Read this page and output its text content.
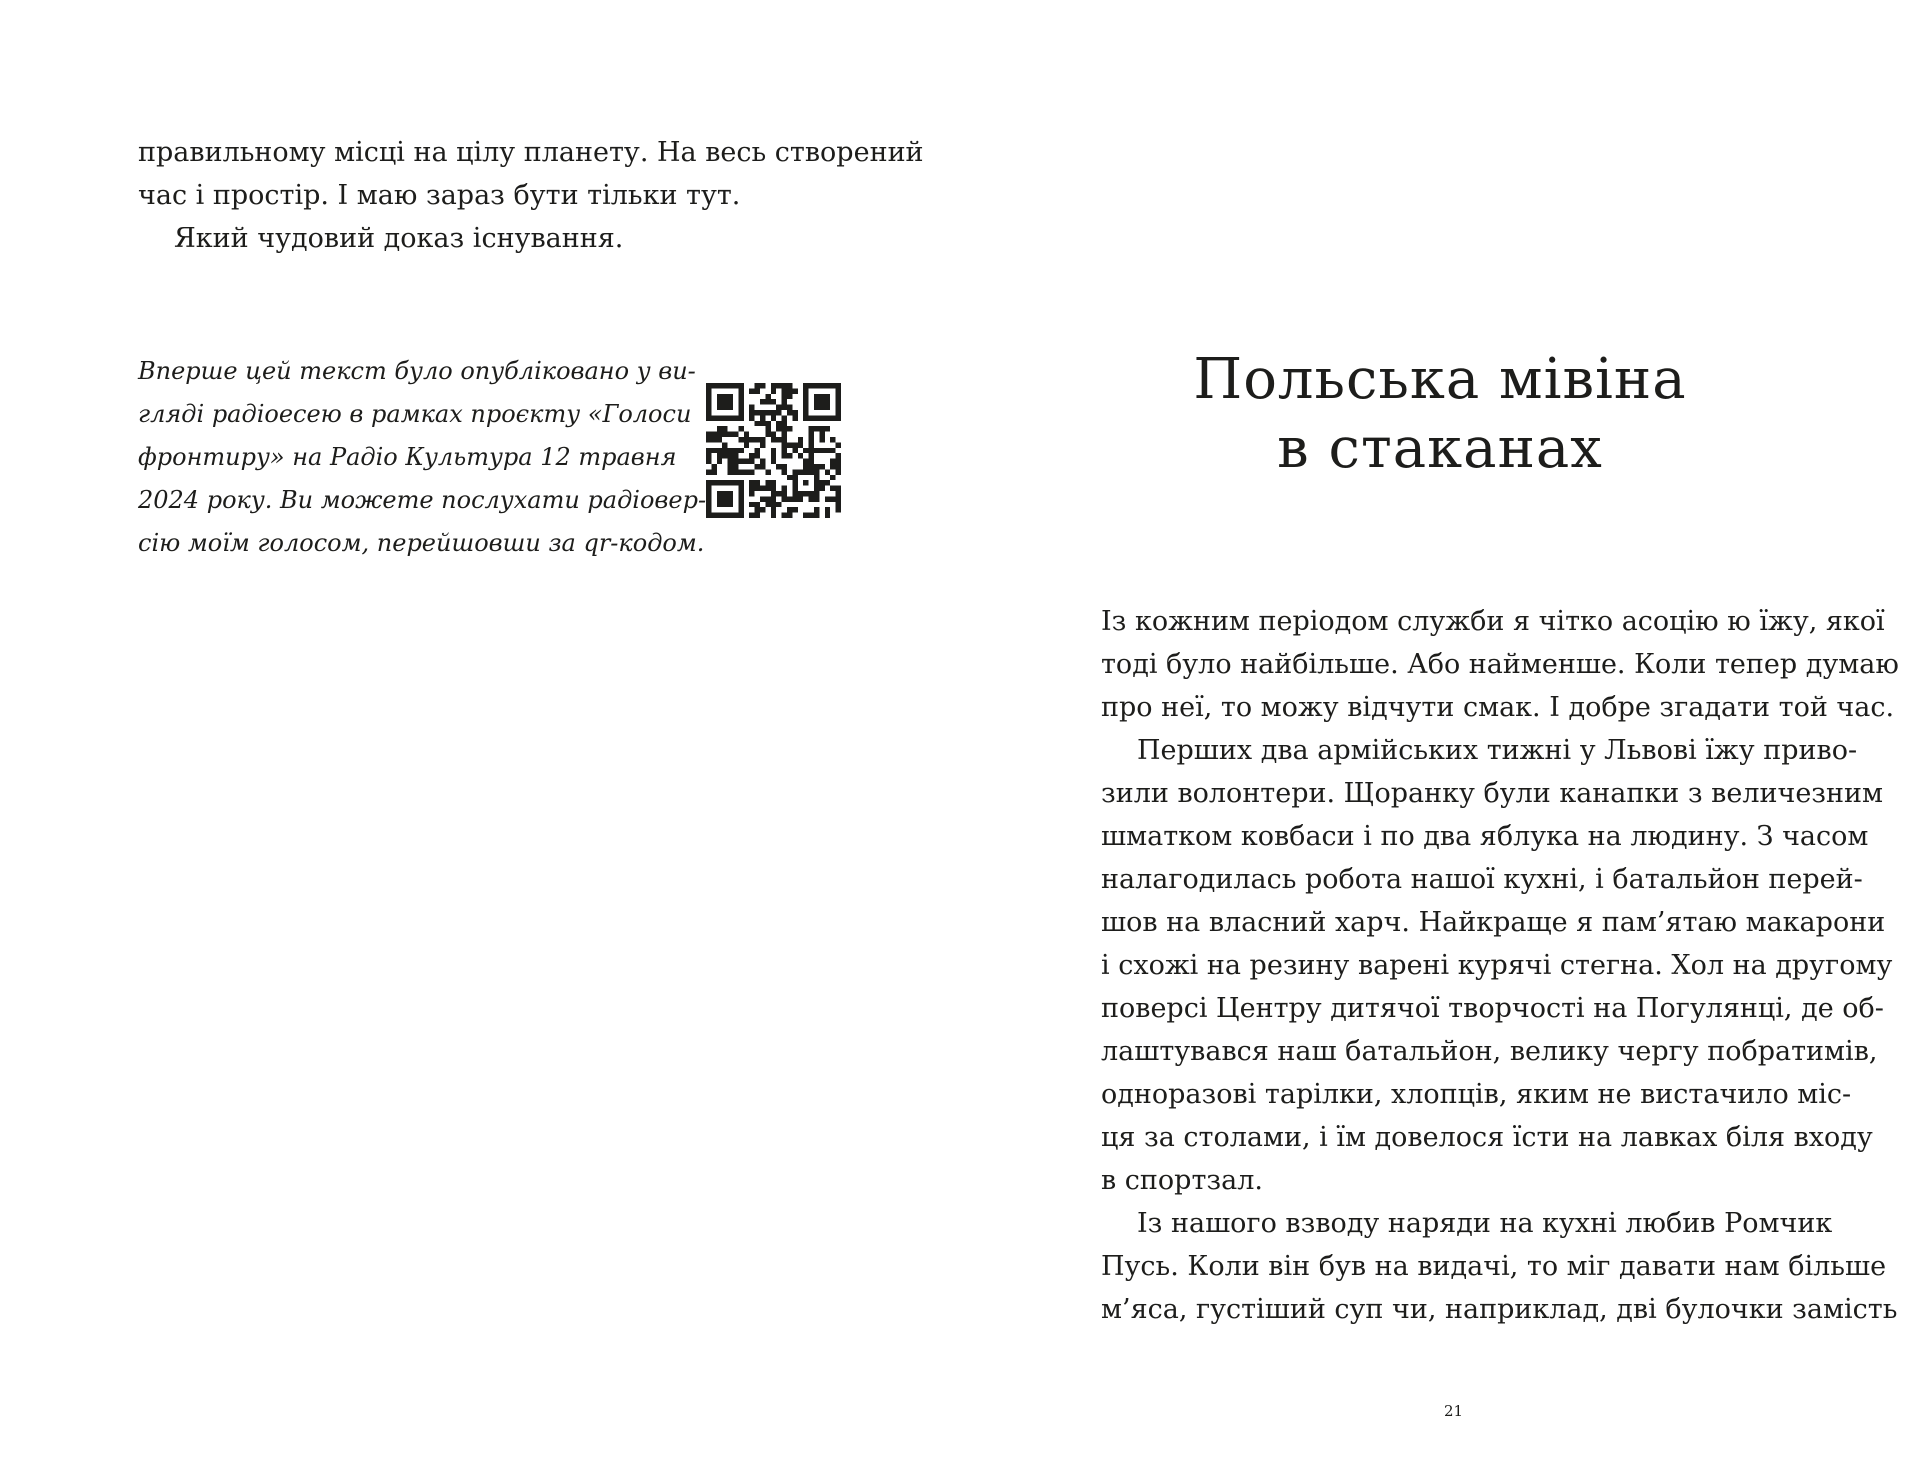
правильному місці на цілу планету. На весь створений
час і простір. І маю зараз бути тільки тут.
Який чудовий доказ існування.
Вперше цей текст було опубліковано у ви-
гляді радіоесею в рамках проєкту «Голоси
фронтиру» на Радіо Культура 12 травня
2024 року. Ви можете послухати радіовер-
сію моїм голосом, перейшовши за qr-кодом.
Польська мівіна
в стаканах
Із кожним періодом служби я чітко асоцію ю їжу, якої
тоді було найбільше. Або найменше. Коли тепер думаю
про неї, то можу відчути смак. І добре згадати той час.
Перших два армійських тижні у Львові їжу приво-
зили волонтери. Щоранку були канапки з величезним
шматком ковбаси і по два яблука на людину. З часом
налагодилась робота нашої кухні, і батальйон перей-
шов на власний харч. Найкраще я пам’ятаю макарони
і схожі на резину варені курячі стегна. Хол на другому
поверсі Центру дитячої творчості на Погулянці, де об-
лаштувався наш батальйон, велику чергу побратимів,
одноразові тарілки, хлопців, яким не вистачило міс-
ця за столами, і їм довелося їсти на лавках біля входу
в спортзал.
Із нашого взводу наряди на кухні любив Ромчик
Пусь. Коли він був на видачі, то міг давати нам більше
м’яса, густіший суп чи, наприклад, дві булочки замість
21
